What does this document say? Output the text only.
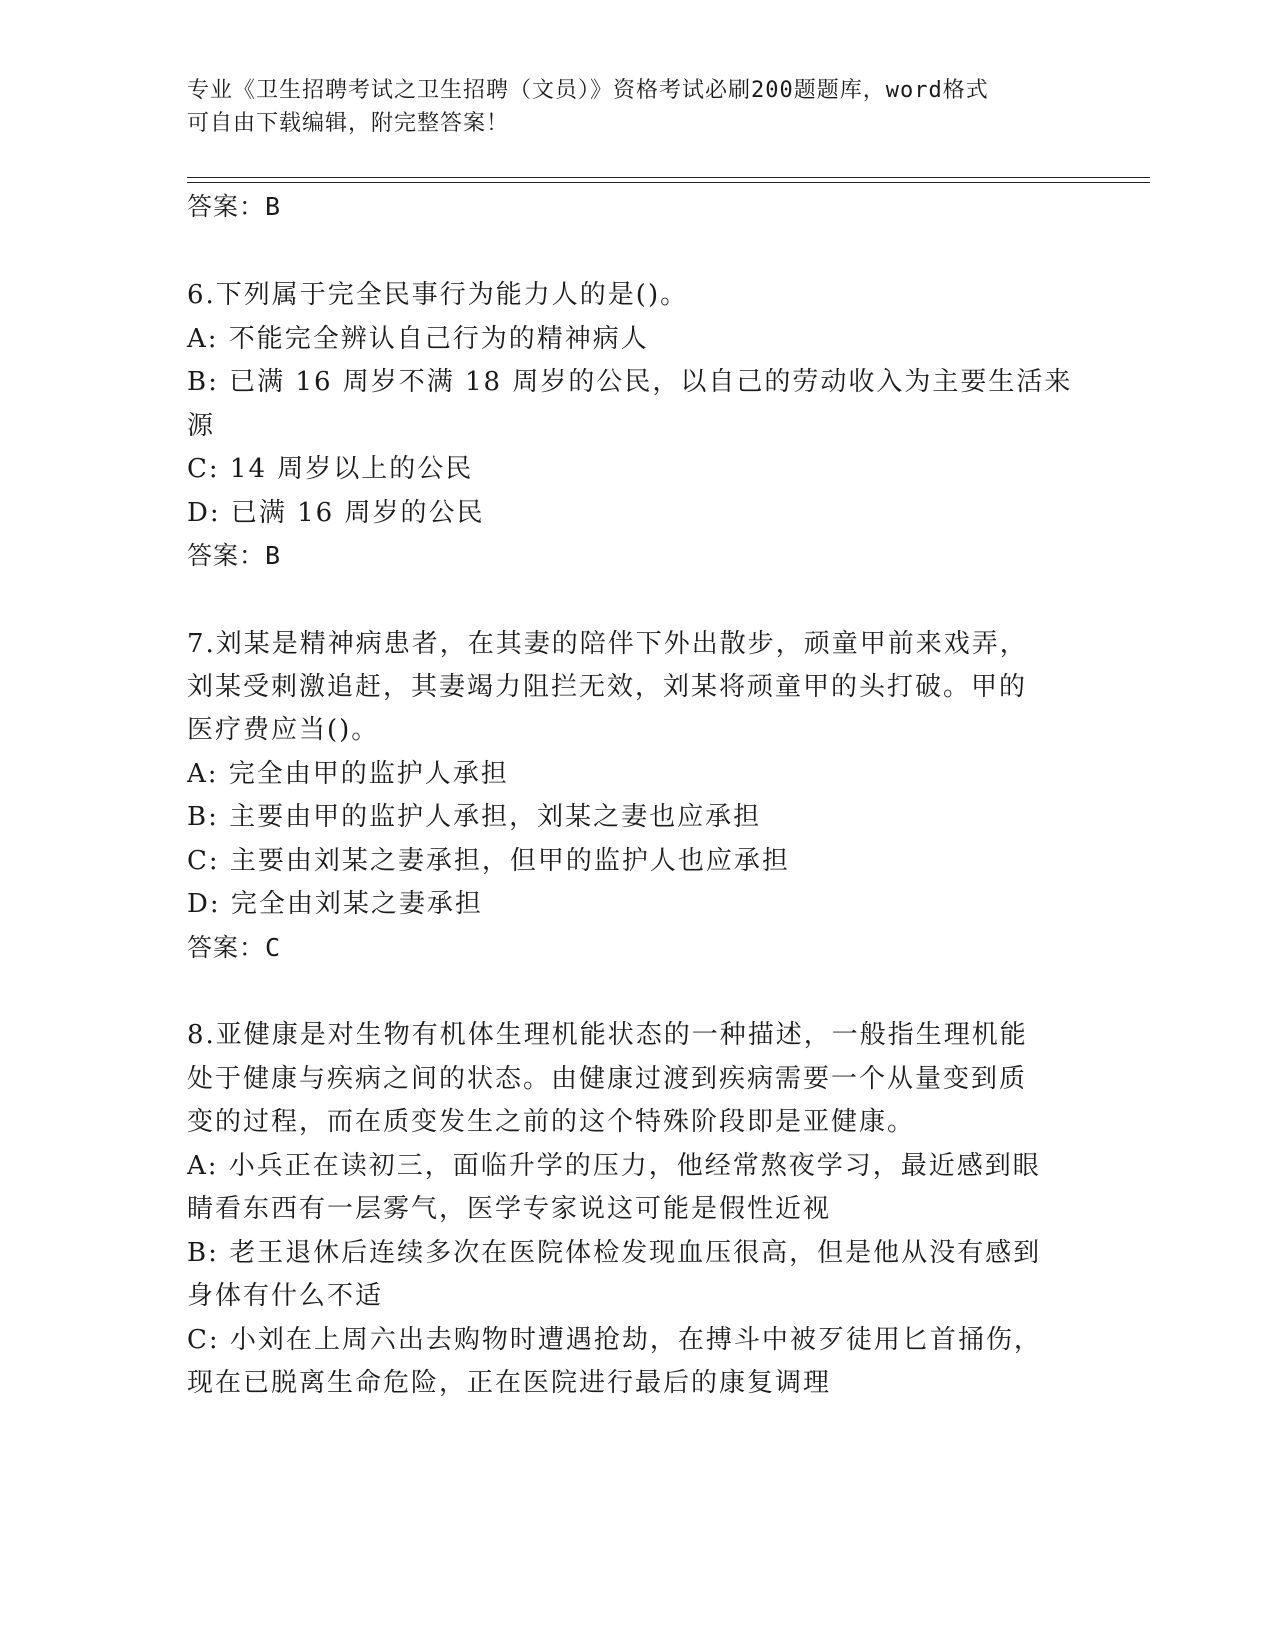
专业《卫生招聘考试之卫生招聘（文员）》资格考试必刷200题题库，word格式
可自由下载编辑，附完整答案！
答案：B
6.下列属于完全民事行为能力人的是()。
A: 不能完全辨认自己行为的精神病人
B: 已满 16 周岁不满 18 周岁的公民，以自己的劳动收入为主要生活来
源
C: 14 周岁以上的公民
D: 已满 16 周岁的公民
答案：B
7.刘某是精神病患者，在其妻的陪伴下外出散步，顽童甲前来戏弄，
刘某受刺激追赶，其妻竭力阻拦无效，刘某将顽童甲的头打破。甲的
医疗费应当()。
A: 完全由甲的监护人承担
B: 主要由甲的监护人承担，刘某之妻也应承担
C: 主要由刘某之妻承担，但甲的监护人也应承担
D: 完全由刘某之妻承担
答案：C
8.亚健康是对生物有机体生理机能状态的一种描述，一般指生理机能
处于健康与疾病之间的状态。由健康过渡到疾病需要一个从量变到质
变的过程，而在质变发生之前的这个特殊阶段即是亚健康。
A: 小兵正在读初三，面临升学的压力，他经常熬夜学习，最近感到眼
睛看东西有一层雾气，医学专家说这可能是假性近视
B: 老王退休后连续多次在医院体检发现血压很高，但是他从没有感到
身体有什么不适
C: 小刘在上周六出去购物时遭遇抢劫，在搏斗中被歹徒用匕首捅伤，
现在已脱离生命危险，正在医院进行最后的康复调理
